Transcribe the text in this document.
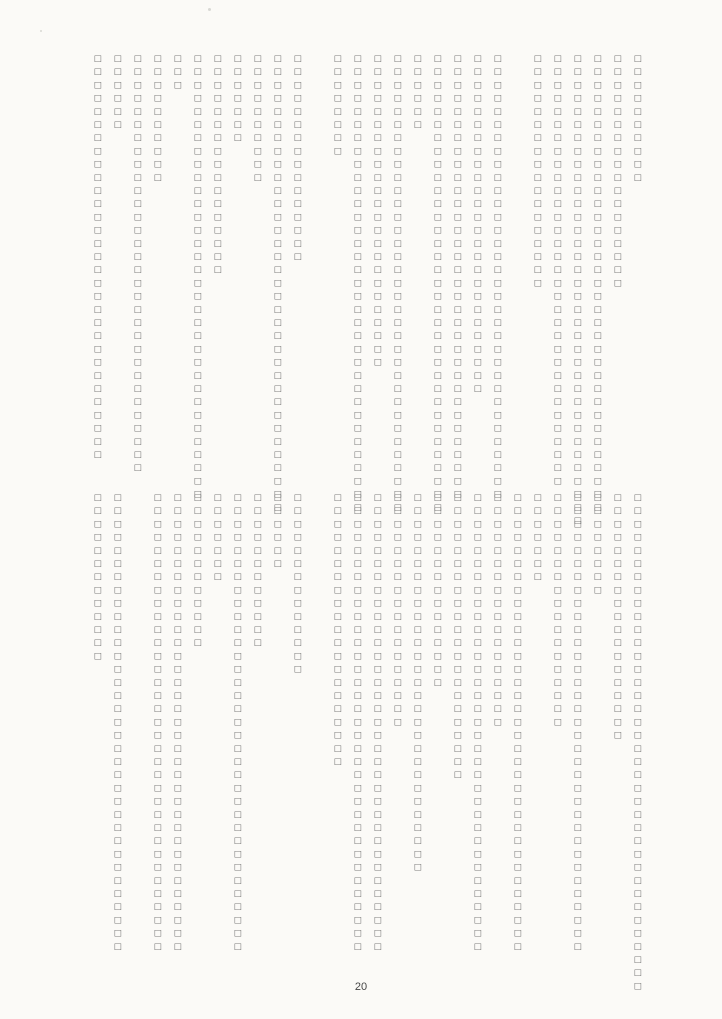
□□□□□□□□□□
□□□□□□□□□□□□□□□□□□
□□□□□□□□□□□□□□□□□□□□□□□□□□□□□□□□□□□
□□□□□□□□□□□□□□□□□□□□□□□□□□□□□□□□□□□□
□□□□□□□□□□□□□□□□□□□□□□□□□□□□□□□□□
□□□□□□□□□□□□□□□□□□
□□□□□□□□□□□□□□□□□□□□□□□□□□□□□□□□□□
□□□□□□□□□□□□□□□□□□□□□□□□□□
□□□□□□□□□□□□□□□□□□□□□□□□□□□□□□□□□□
□□□□□□□□□□□□□□□□□□□□□□□□□□□□□□□□□□□
□□□□□□
□□□□□□□□□□□□□□□□□□□□□□□□□□□□□□□□□□□
□□□□□□□□□□□□□□□□□□□□□□□□
□□□□□□□□□□□□□□□□□□□□□□□□□□□□□□□□□□□
□□□□□□□□
□□□□□□□□□□□□□□□□
□□□□□□□□□□□□□□□□□□□□□□□□□□□□□□□□□□□
□□□□□□□□□□
□□□□□□□
□□□□□□□□□□□□□□□□□
□□□□□□□□□□□□□□□□□□□□□□□□□□□□□□□□□□
□□□
□□□□□□□□□□
□□□□□□□□□□□□□□□□□□□□□□□□□□□□□□□□
□□□□□□
□□□□□□□□□□□□□□□□□□□□□□□□□□□□□□□
□□□□□□□□□□□□□□□□□□□□□□□□□□□□□□□□□□□□□□
□□□□□□□□□□□□□□□□□□□
□□□□□□□□
□□□□□□□□□□□□□□□□□□□□□□□□□□□□□□□□□□□
□□□□□□□□□□□□□□□□□□
□□□□□□□
□□□□□□□□□□□□□□□□□□□□□□□□□□□□□□□□□□□
□□□□□□□□□□□□□□□□□□
□□□□□□□□□□□□□□□□□□□□□□□□□□□□□□□□□□□
□□□□□□□□□□□□□□□□□□□□□□
□□□□□□□□□□□□□□□
□□□□□□□□□□□□□□□□□□□□□□□□□□□□□
□□□□□□□□□□□□□□□□□□
□□□□□□□□□□□□□□□□□□□□□□□□□□□□□□□□□□□
□□□□□□□□□□□□□□□□□□□□□□□□□□□□□□□□□□□
□□□□□□□□□□□□□□□□□□□□□
□□□□□□□□□□□□□□
□□□□□□
□□□□□□□□□□□□
□□□□□□□□□□□□□□□□□□□□□□□□□□□□□□□□□□□
□□□□□□□
□□□□□□□□□□□□
□□□□□□□□□□□□□□□□□□□□□□□□□□□□□□□□□□□
□□□□□□□□□□□□□□□□□□□□□□□□□□□□□□□□□□□
□□□□□□□□□□□□□□□□□□□□□□□□□□□□□□□□□□□
□□□□□□□□□□□□□
20
